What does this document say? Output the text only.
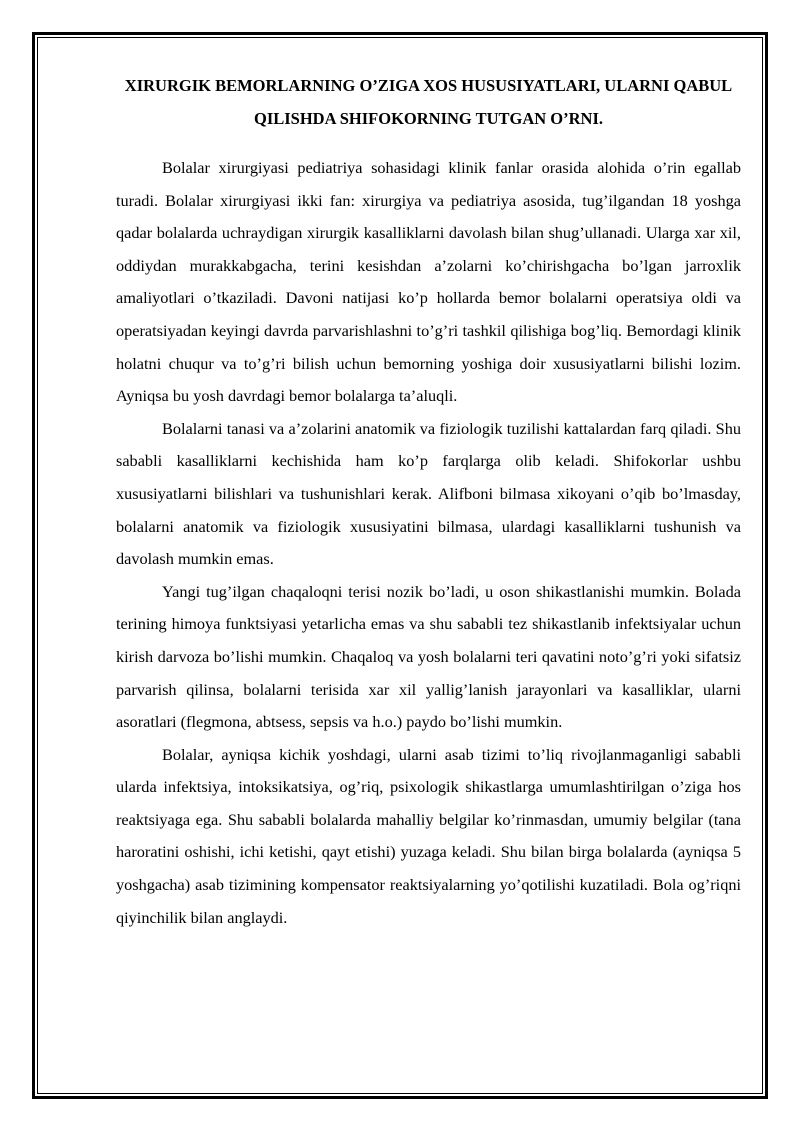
XIRURGIK BEMORLARNING O’ZIGA XOS HUSUSIYATLARI, ULARNI QABUL QILISHDA SHIFOKORNING TUTGAN O’RNI.

Bolalar xirurgiyasi pediatriya sohasidagi klinik fanlar orasida alohida o’rin egallab turadi. Bolalar xirurgiyasi ikki fan: xirurgiya va pediatriya asosida, tug’ilgandan 18 yoshga qadar bolalarda uchraydigan xirurgik kasalliklarni davolash bilan shug’ullanadi. Ularga xar xil, oddiydan murakkabgacha, terini kesishdan a’zolarni ko’chirishgacha bo’lgan jarroxlik amaliyotlari o’tkaziladi. Davoni natijasi ko’p hollarda bemor bolalarni operatsiya oldi va operatsiyadan keyingi davrda parvarishlashni to’g’ri tashkil qilishiga bog’liq. Bemordagi klinik holatni chuqur va to’g’ri bilish uchun bemorning yoshiga doir xususiyatlarni bilishi lozim. Ayniqsa bu yosh davrdagi bemor bolalarga ta’aluqli.

Bolalarni tanasi va a’zolarini anatomik va fiziologik tuzilishi kattalardan farq qiladi. Shu sababli kasalliklarni kechishida ham ko’p farqlarga olib keladi. Shifokorlar ushbu xususiyatlarni bilishlari va tushunishlari kerak. Alifboni bilmasa xikoyani o’qib bo’lmasday, bolalarni anatomik va fiziologik xususiyatini bilmasa, ulardagi kasalliklarni tushunish va davolash mumkin emas.

Yangi tug’ilgan chaqaloqni terisi nozik bo’ladi, u oson shikastlanishi mumkin. Bolada terining himoya funktsiyasi yetarlicha emas va shu sababli tez shikastlanib infektsiyalar uchun kirish darvoza bo’lishi mumkin. Chaqaloq va yosh bolalarni teri qavatini noto’g’ri yoki sifatsiz parvarish qilinsa, bolalarni terisida xar xil yallig’lanish jarayonlari va kasalliklar, ularni asoratlari (flegmona, abtsess, sepsis va h.o.) paydo bo’lishi mumkin.

Bolalar, ayniqsa kichik yoshdagi, ularni asab tizimi to’liq rivojlanmaganligi sababli ularda infektsiya, intoksikatsiya, og’riq, psixologik shikastlarga umumlashtirilgan o’ziga hos reaktsiyaga ega. Shu sababli bolalarda mahalliy belgilar ko’rinmasdan, umumiy belgilar (tana haroratini oshishi, ichi ketishi, qayt etishi) yuzaga keladi. Shu bilan birga bolalarda (ayniqsa 5 yoshgacha) asab tizimining kompensator reaktsiyalarning yo’qotilishi kuzatiladi. Bola og’riqni qiyinchilik bilan anglaydi.
